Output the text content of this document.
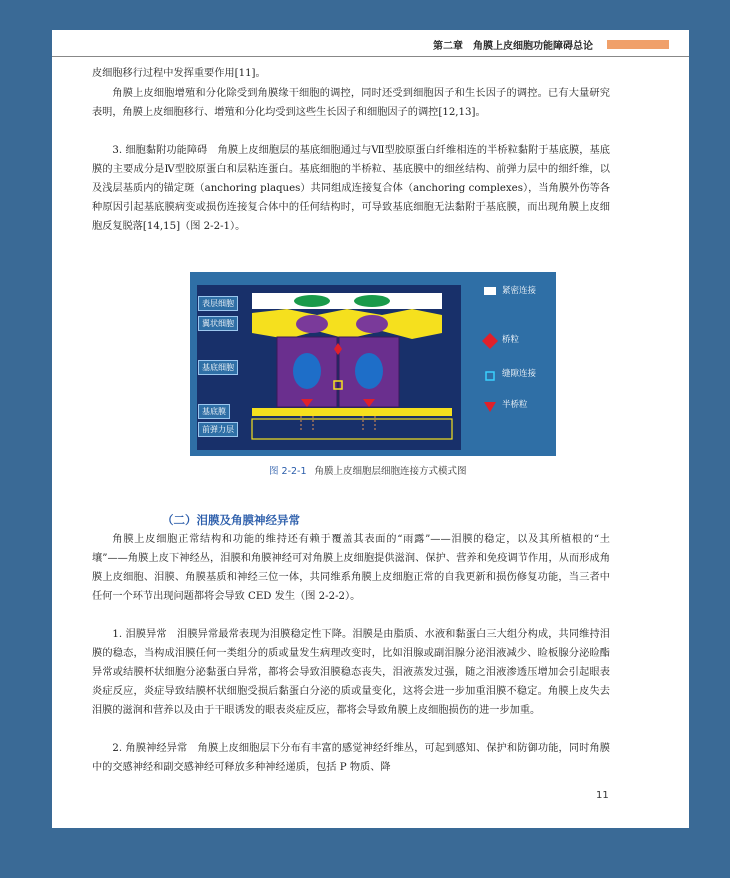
第二章　角膜上皮细胞功能障碍总论

皮细胞移行过程中发挥重要作用[11]。

角膜上皮细胞增殖和分化除受到角膜缘干细胞的调控，同时还受到细胞因子和生长因子的调控。已有大量研究表明，角膜上皮细胞移行、增殖和分化均受到这些生长因子和细胞因子的调控[12,13]。

3. 细胞黏附功能障碍　角膜上皮细胞层的基底细胞通过与Ⅶ型胶原蛋白纤维相连的半桥粒黏附于基底膜，基底膜的主要成分是Ⅳ型胶原蛋白和层粘连蛋白。基底细胞的半桥粒、基底膜中的细丝结构、前弹力层中的细纤维，以及浅层基质内的锚定斑（anchoring plaques）共同组成连接复合体（anchoring complexes），当角膜外伤等各种原因引起基底膜病变或损伤连接复合体中的任何结构时，可导致基底细胞无法黏附于基底膜，而出现角膜上皮细胞反复脱落[14,15]（图 2-2-1）。

表层细胞
翼状细胞
基底细胞
基底膜
前弹力层
紧密连接
桥粒
缝隙连接
半桥粒
图 2-2-1 角膜上皮细胞层细胞连接方式模式图
（二）泪膜及角膜神经异常

角膜上皮细胞正常结构和功能的维持还有赖于覆盖其表面的“雨露”——泪膜的稳定，以及其所植根的“土壤”——角膜上皮下神经丛，泪膜和角膜神经可对角膜上皮细胞提供滋润、保护、营养和免疫调节作用，从而形成角膜上皮细胞、泪膜、角膜基质和神经三位一体，共同维系角膜上皮细胞正常的自我更新和损伤修复功能，当三者中任何一个环节出现问题都将会导致 CED 发生（图 2-2-2）。

1. 泪膜异常　泪膜异常最常表现为泪膜稳定性下降。泪膜是由脂质、水液和黏蛋白三大组分构成，共同维持泪膜的稳态，当构成泪膜任何一类组分的质或量发生病理改变时，比如泪腺或副泪腺分泌泪液减少、睑板腺分泌睑酯异常或结膜杯状细胞分泌黏蛋白异常，都将会导致泪膜稳态丧失，泪液蒸发过强，随之泪液渗透压增加会引起眼表炎症反应，炎症导致结膜杯状细胞受损后黏蛋白分泌的质或量变化，这将会进一步加重泪膜不稳定。角膜上皮失去泪膜的滋润和营养以及由于干眼诱发的眼表炎症反应，都将会导致角膜上皮细胞损伤的进一步加重。

2. 角膜神经异常　角膜上皮细胞层下分布有丰富的感觉神经纤维丛，可起到感知、保护和防御功能，同时角膜中的交感神经和副交感神经可释放多种神经递质，包括 P 物质、降

11
